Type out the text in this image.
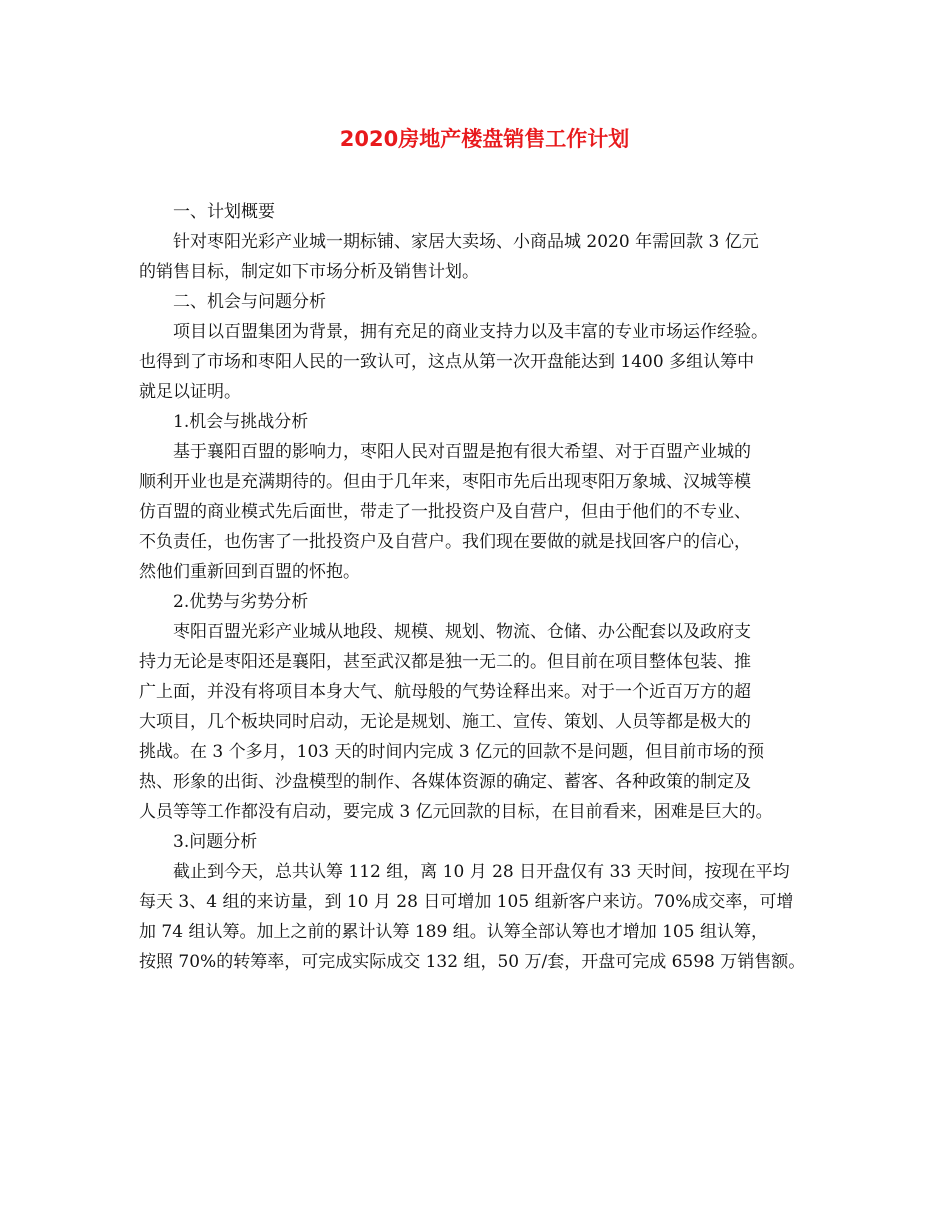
2020房地产楼盘销售工作计划
一、计划概要
针对枣阳光彩产业城一期标铺、家居大卖场、小商品城 2020 年需回款 3 亿元
的销售目标，制定如下市场分析及销售计划。
二、机会与问题分析
项目以百盟集团为背景，拥有充足的商业支持力以及丰富的专业市场运作经验。
也得到了市场和枣阳人民的一致认可，这点从第一次开盘能达到 1400 多组认筹中
就足以证明。
1.机会与挑战分析
基于襄阳百盟的影响力，枣阳人民对百盟是抱有很大希望、对于百盟产业城的
顺利开业也是充满期待的。但由于几年来，枣阳市先后出现枣阳万象城、汉城等模
仿百盟的商业模式先后面世，带走了一批投资户及自营户，但由于他们的不专业、
不负责任，也伤害了一批投资户及自营户。我们现在要做的就是找回客户的信心，
然他们重新回到百盟的怀抱。
2.优势与劣势分析
枣阳百盟光彩产业城从地段、规模、规划、物流、仓储、办公配套以及政府支
持力无论是枣阳还是襄阳，甚至武汉都是独一无二的。但目前在项目整体包装、推
广上面，并没有将项目本身大气、航母般的气势诠释出来。对于一个近百万方的超
大项目，几个板块同时启动，无论是规划、施工、宣传、策划、人员等都是极大的
挑战。在 3 个多月，103 天的时间内完成 3 亿元的回款不是问题，但目前市场的预
热、形象的出街、沙盘模型的制作、各媒体资源的确定、蓄客、各种政策的制定及
人员等等工作都没有启动，要完成 3 亿元回款的目标，在目前看来，困难是巨大的。
3.问题分析
截止到今天，总共认筹 112 组，离 10 月 28 日开盘仅有 33 天时间，按现在平均
每天 3、4 组的来访量，到 10 月 28 日可增加 105 组新客户来访。70%成交率，可增
加 74 组认筹。加上之前的累计认筹 189 组。认筹全部认筹也才增加 105 组认筹，
按照 70%的转筹率，可完成实际成交 132 组，50 万/套，开盘可完成 6598 万销售额。
